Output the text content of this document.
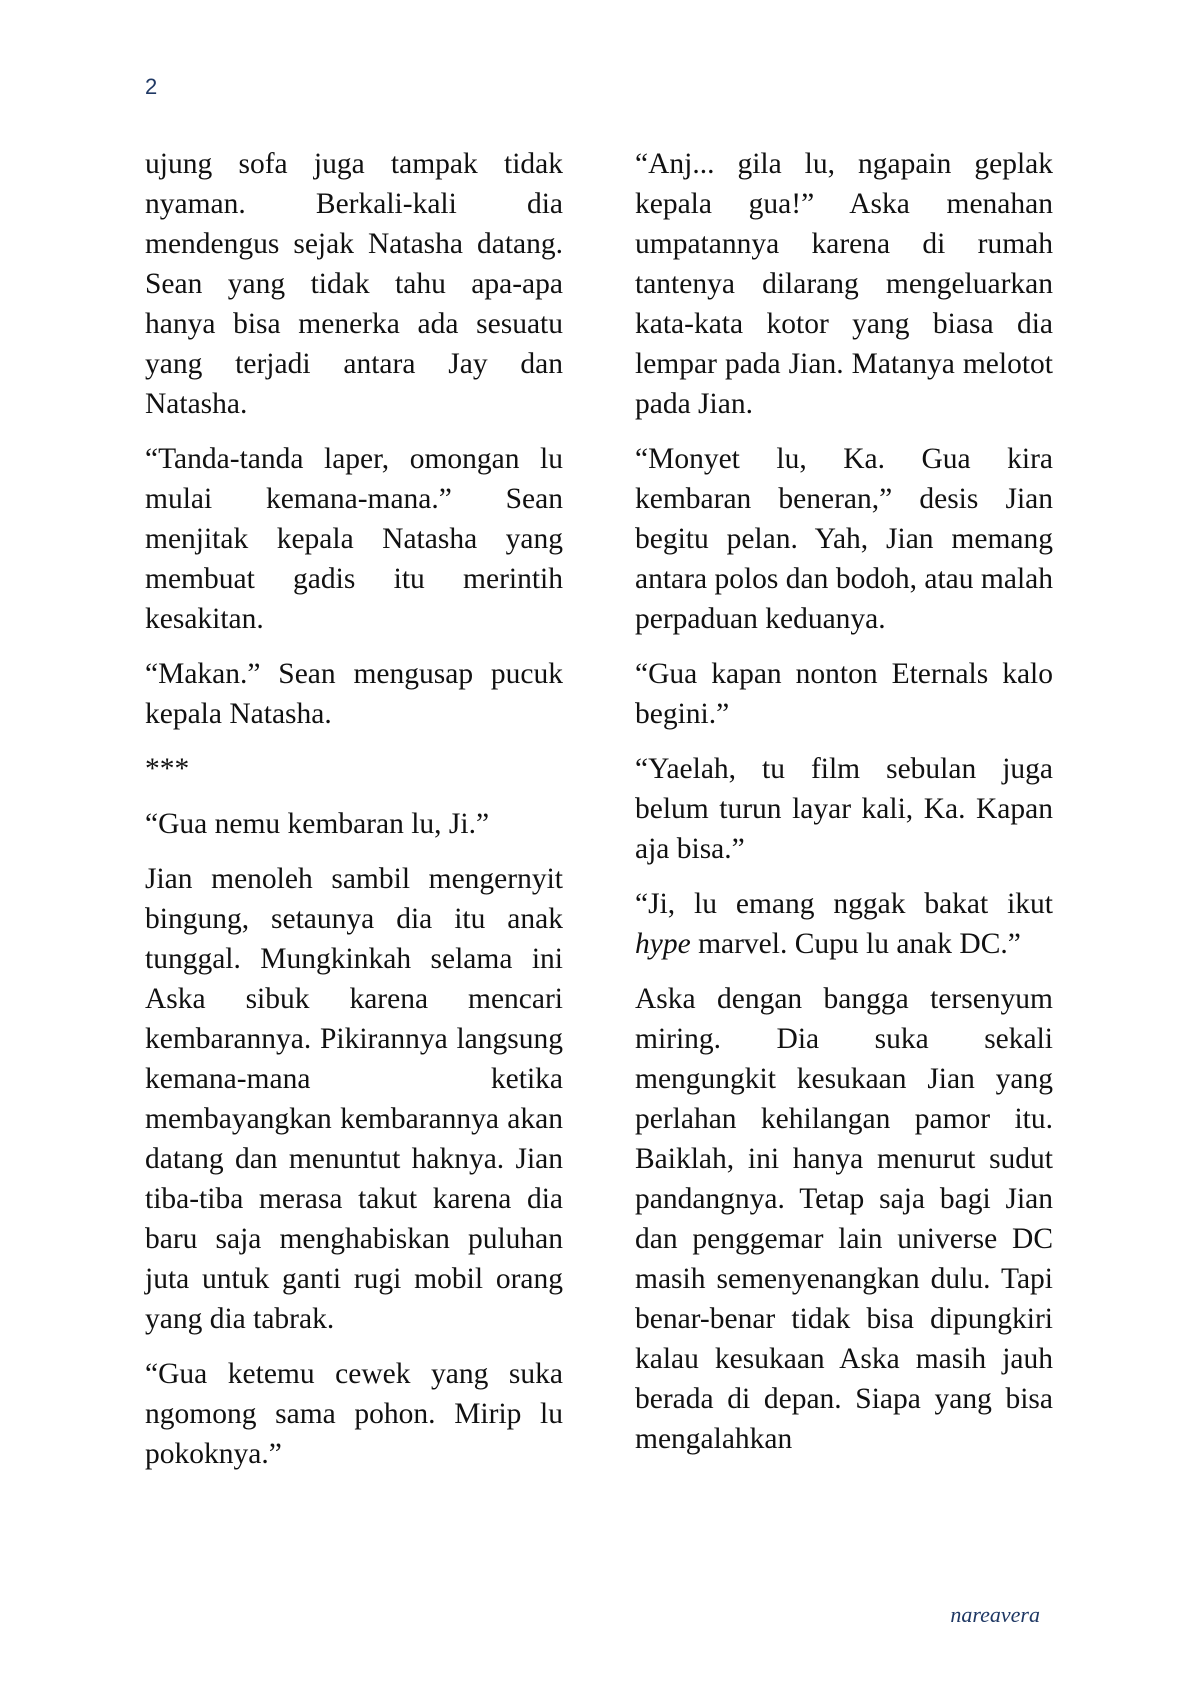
2

ujung sofa juga tampak tidak nyaman. Berkali-kali dia mendengus sejak Natasha datang. Sean yang tidak tahu apa-apa hanya bisa menerka ada sesuatu yang terjadi antara Jay dan Natasha.

“Tanda-tanda laper, omongan lu mulai kemana-mana.” Sean menjitak kepala Natasha yang membuat gadis itu merintih kesakitan.

“Makan.” Sean mengusap pucuk kepala Natasha.

***

“Gua nemu kembaran lu, Ji.”

Jian menoleh sambil mengernyit bingung, setaunya dia itu anak tunggal. Mungkinkah selama ini Aska sibuk karena mencari kembarannya. Pikirannya langsung kemana-mana ketika membayangkan kembarannya akan datang dan menuntut haknya. Jian tiba-tiba merasa takut karena dia baru saja menghabiskan puluhan juta untuk ganti rugi mobil orang yang dia tabrak.

“Gua ketemu cewek yang suka ngomong sama pohon. Mirip lu pokoknya.”

“Anj... gila lu, ngapain geplak kepala gua!” Aska menahan umpatannya karena di rumah tantenya dilarang mengeluarkan kata-kata kotor yang biasa dia lempar pada Jian. Matanya melotot pada Jian.

“Monyet lu, Ka. Gua kira kembaran beneran,” desis Jian begitu pelan. Yah, Jian memang antara polos dan bodoh, atau malah perpaduan keduanya.

“Gua kapan nonton Eternals kalo begini.”

“Yaelah, tu film sebulan juga belum turun layar kali, Ka. Kapan aja bisa.”

“Ji, lu emang nggak bakat ikut hype marvel. Cupu lu anak DC.”

Aska dengan bangga tersenyum miring. Dia suka sekali mengungkit kesukaan Jian yang perlahan kehilangan pamor itu. Baiklah, ini hanya menurut sudut pandangnya. Tetap saja bagi Jian dan penggemar lain universe DC masih semenyenangkan dulu. Tapi benar-benar tidak bisa dipungkiri kalau kesukaan Aska masih jauh berada di depan. Siapa yang bisa mengalahkan

nareavera
